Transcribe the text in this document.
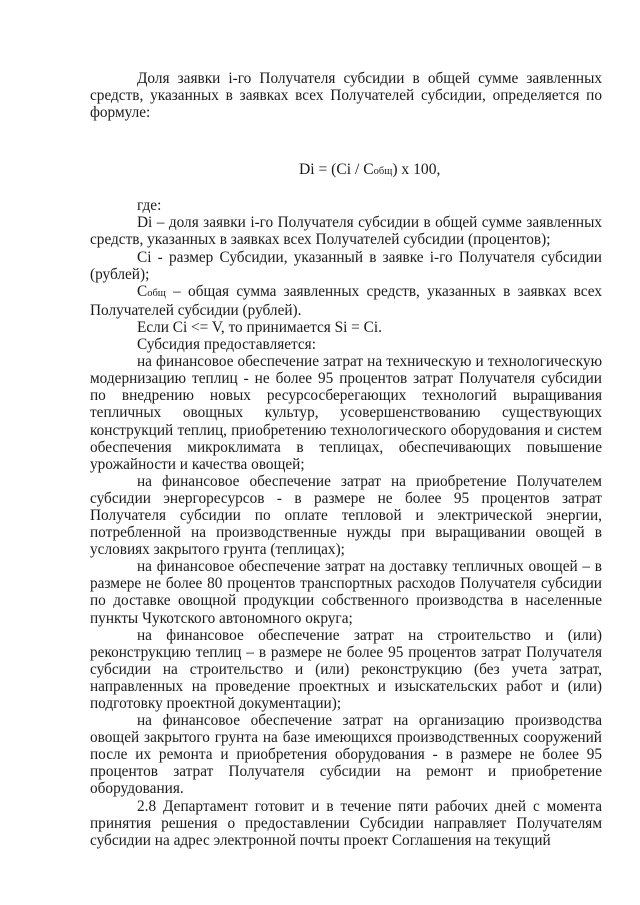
Доля заявки i-го Получателя субсидии в общей сумме заявленных средств, указанных в заявках всех Получателей субсидии, определяется по формуле:

Di = (Ci / Собщ) х 100,

где:

Di – доля заявки i-го Получателя субсидии в общей сумме заявленных средств, указанных в заявках всех Получателей субсидии (процентов);

Ci - размер Субсидии, указанный в заявке i-го Получателя субсидии (рублей);

Собщ – общая сумма заявленных средств, указанных в заявках всех Получателей субсидии (рублей).

Если Ci <= V, то принимается Si = Ci.

Субсидия предоставляется:

на финансовое обеспечение затрат на техническую и технологическую модернизацию теплиц - не более 95 процентов затрат Получателя субсидии по внедрению новых ресурсосберегающих технологий выращивания тепличных овощных культур, усовершенствованию существующих конструкций теплиц, приобретению технологического оборудования и систем обеспечения микроклимата в теплицах, обеспечивающих повышение урожайности и качества овощей;

на финансовое обеспечение затрат на приобретение Получателем субсидии энергоресурсов - в размере не более 95 процентов затрат Получателя субсидии по оплате тепловой и электрической энергии, потребленной на производственные нужды при выращивании овощей в условиях закрытого грунта (теплицах);

на финансовое обеспечение затрат на доставку тепличных овощей – в размере не более 80 процентов транспортных расходов Получателя субсидии по доставке овощной продукции собственного производства в населенные пункты Чукотского автономного округа;

на финансовое обеспечение затрат на строительство и (или) реконструкцию теплиц – в размере не более 95 процентов затрат Получателя субсидии на строительство и (или) реконструкцию (без учета затрат, направленных на проведение проектных и изыскательских работ и (или) подготовку проектной документации);

на финансовое обеспечение затрат на организацию производства овощей закрытого грунта на базе имеющихся производственных сооружений после их ремонта и приобретения оборудования - в размере не более 95 процентов затрат Получателя субсидии на ремонт и приобретение оборудования.

2.8 Департамент готовит и в течение пяти рабочих дней с момента принятия решения о предоставлении Субсидии направляет Получателям субсидии на адрес электронной почты проект Соглашения на текущий
